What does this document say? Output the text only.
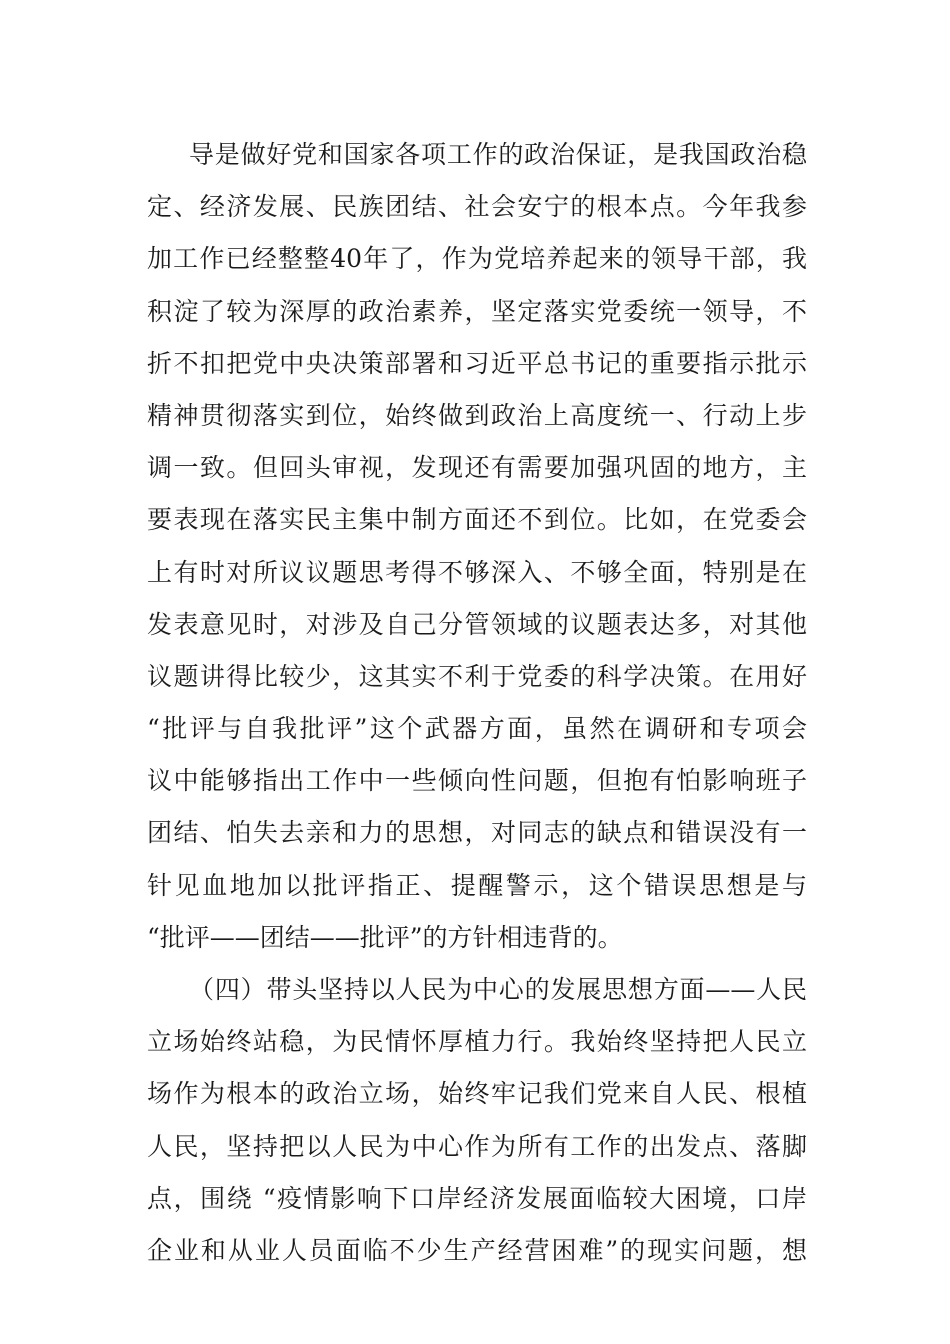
导是做好党和国家各项工作的政治保证，是我国政治稳
定、经济发展、民族团结、社会安宁的根本点。今年我参
加工作已经整整40年了，作为党培养起来的领导干部，我
积淀了较为深厚的政治素养，坚定落实党委统一领导，不
折不扣把党中央决策部署和习近平总书记的重要指示批示
精神贯彻落实到位，始终做到政治上高度统一、行动上步
调一致。但回头审视，发现还有需要加强巩固的地方，主
要表现在落实民主集中制方面还不到位。比如，在党委会
上有时对所议议题思考得不够深入、不够全面，特别是在
发表意见时，对涉及自己分管领域的议题表达多，对其他
议题讲得比较少，这其实不利于党委的科学决策。在用好
“批评与自我批评”这个武器方面，虽然在调研和专项会
议中能够指出工作中一些倾向性问题，但抱有怕影响班子
团结、怕失去亲和力的思想，对同志的缺点和错误没有一
针见血地加以批评指正、提醒警示，这个错误思想是与
“批评——团结——批评”的方针相违背的。
（四）带头坚持以人民为中心的发展思想方面——人民
立场始终站稳，为民情怀厚植力行。我始终坚持把人民立
场作为根本的政治立场，始终牢记我们党来自人民、根植
人民，坚持把以人民为中心作为所有工作的出发点、落脚
点，围绕 “疫情影响下口岸经济发展面临较大困境，口岸
企业和从业人员面临不少生产经营困难”的现实问题，想
